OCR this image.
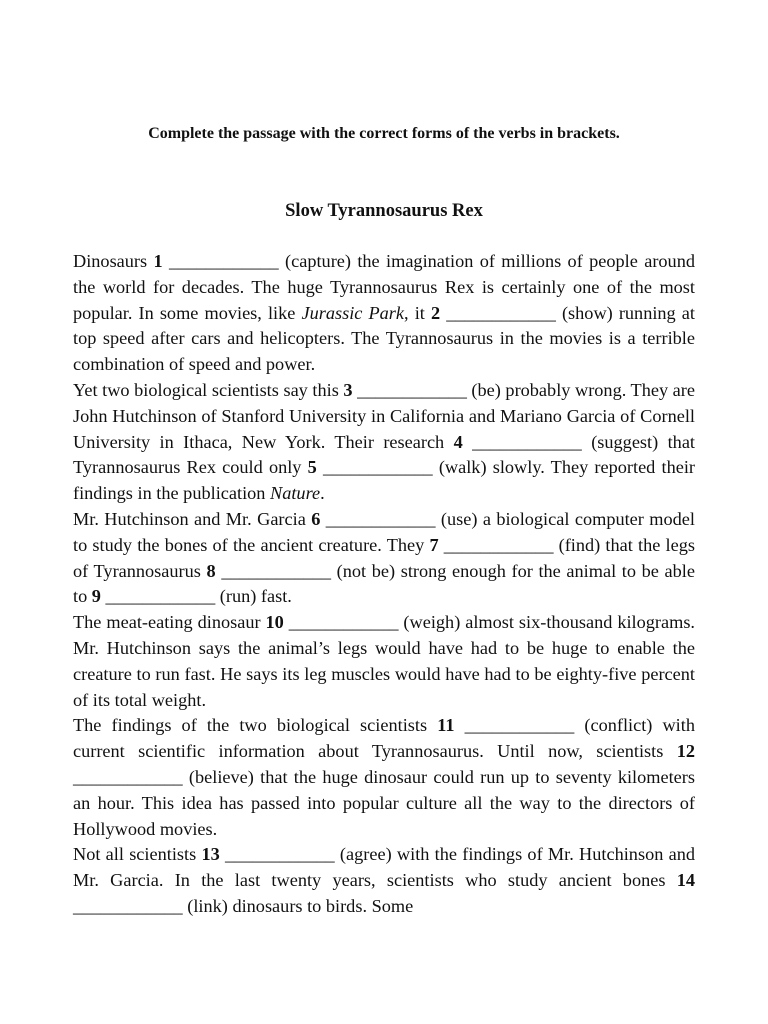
Complete the passage with the correct forms of the verbs in brackets.
Slow Tyrannosaurus Rex

Dinosaurs 1 ____________ (capture) the imagination of millions of people around the world for decades. The huge Tyrannosaurus Rex is certainly one of the most popular. In some movies, like Jurassic Park, it 2 ____________ (show) running at top speed after cars and helicopters. The Tyrannosaurus in the movies is a terrible combination of speed and power.

Yet two biological scientists say this 3 ____________ (be) probably wrong. They are John Hutchinson of Stanford University in California and Mariano Garcia of Cornell University in Ithaca, New York. Their research 4 ____________ (suggest) that Tyrannosaurus Rex could only 5 ____________ (walk) slowly. They reported their findings in the publication Nature.

Mr. Hutchinson and Mr. Garcia 6 ____________ (use) a biological computer model to study the bones of the ancient creature. They 7 ____________ (find) that the legs of Tyrannosaurus 8 ____________ (not be) strong enough for the animal to be able to 9 ____________ (run) fast.

The meat-eating dinosaur 10 ____________ (weigh) almost six-thousand kilograms. Mr. Hutchinson says the animal’s legs would have had to be huge to enable the creature to run fast. He says its leg muscles would have had to be eighty-five percent of its total weight.

The findings of the two biological scientists 11 ____________ (conflict) with current scientific information about Tyrannosaurus. Until now, scientists 12 ____________ (believe) that the huge dinosaur could run up to seventy kilometers an hour. This idea has passed into popular culture all the way to the directors of Hollywood movies.

Not all scientists 13 ____________ (agree) with the findings of Mr. Hutchinson and Mr. Garcia. In the last twenty years, scientists who study ancient bones 14 ____________ (link) dinosaurs to birds. Some
